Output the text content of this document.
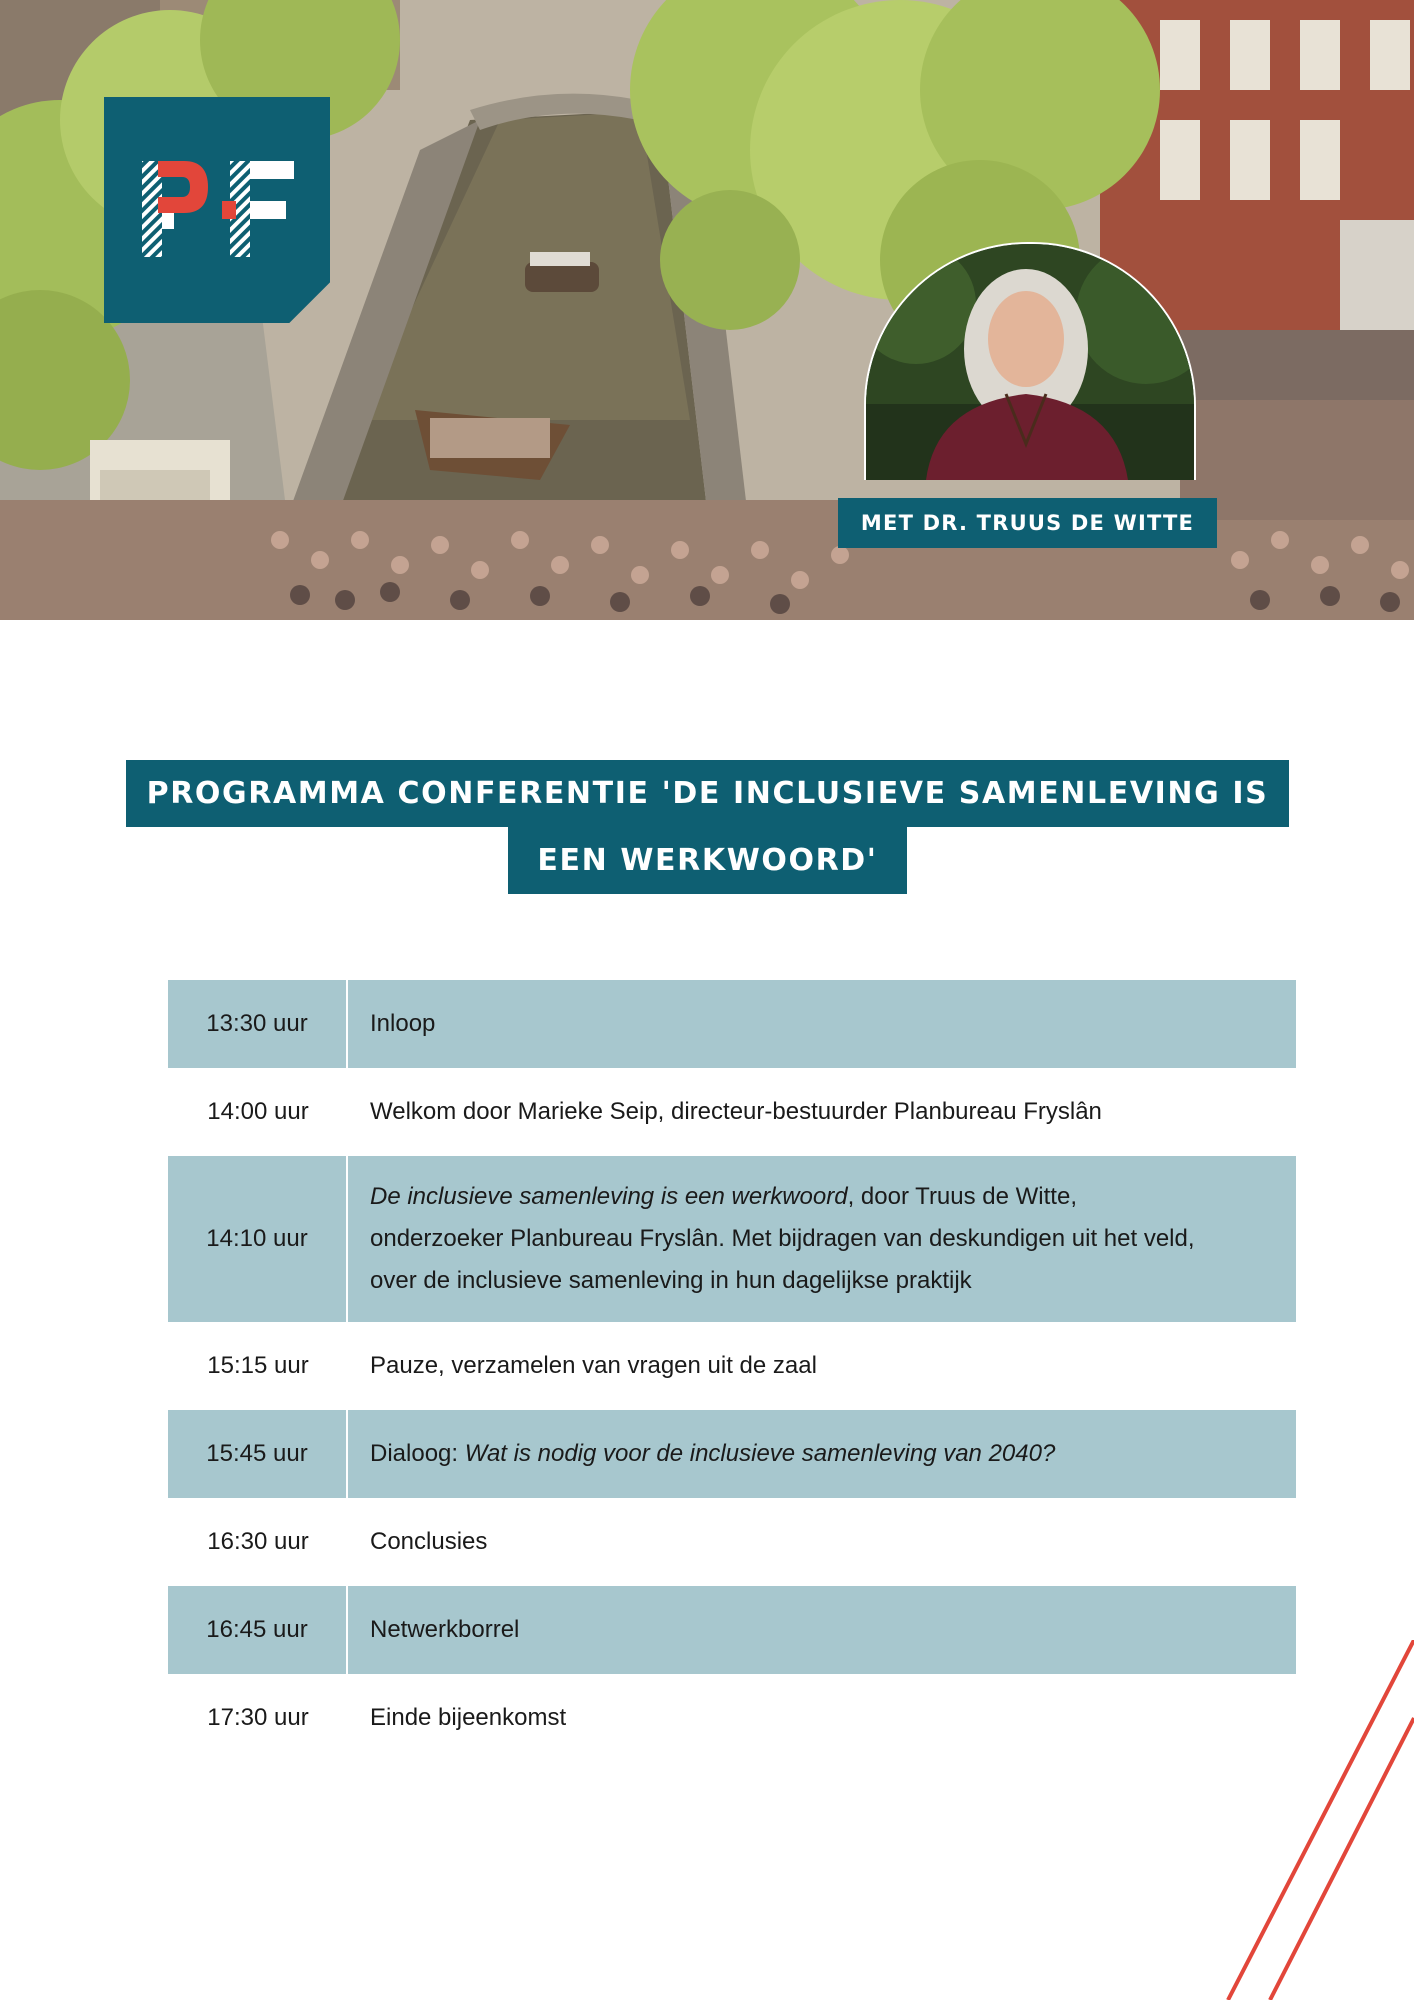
MET DR. TRUUS DE WITTE
PROGRAMMA CONFERENTIE 'DE INCLUSIEVE SAMENLEVING IS
EEN WERKWOORD'
13:30 uur	Inloop
14:00 uur	Welkom door Marieke Seip, directeur-bestuurder Planbureau Fryslân
14:10 uur
De inclusieve samenleving is een werkwoord, door Truus de Witte,
onderzoeker Planbureau Fryslân. Met bijdragen van deskundigen uit het veld,
over de inclusieve samenleving in hun dagelijkse praktijk
15:15 uur	Pauze, verzamelen van vragen uit de zaal
15:45 uur	Dialoog: Wat is nodig voor de inclusieve samenleving van 2040?
16:30 uur	Conclusies
16:45 uur	Netwerkborrel
17:30 uur	Einde bijeenkomst
